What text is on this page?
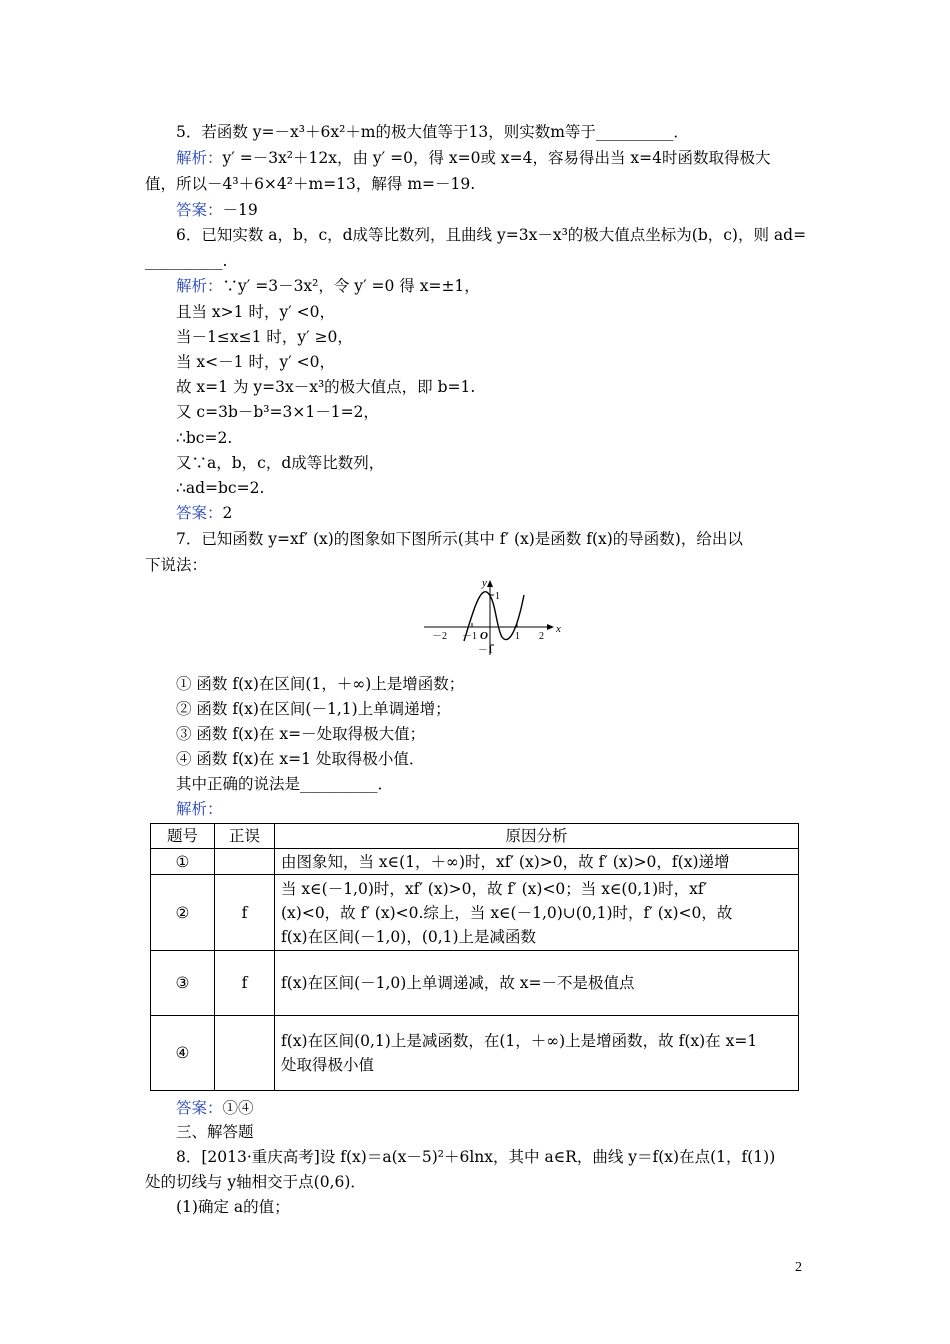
5．若函数 y=－x³＋6x²＋m的极大值等于13，则实数m等于__________．
解析：y′ =－3x²＋12x，由 y′ =0，得 x=0或 x=4，容易得出当 x=4时函数取得极大
值，所以－4³＋6×4²＋m=13，解得 m=－19.
答案：－19
6．已知实数 a，b，c，d成等比数列，且曲线 y=3x－x³的极大值点坐标为(b，c)，则 ad=
__________.
解析：∵y′ =3－3x²，令 y′ =0 得 x=±1，
且当 x>1 时，y′ <0，
当－1≤x≤1 时，y′ ≥0，
当 x<－1 时，y′ <0，
故 x=1 为 y=3x－x³的极大值点，即 b=1.
又 c=3b－b³=3×1－1=2，
∴bc=2.
又∵a，b，c，d成等比数列，
∴ad=bc=2.
答案：2
7．已知函数 y=xf′ (x)的图象如下图所示(其中 f′ (x)是函数 f(x)的导函数)，给出以
下说法：
① 函数 f(x)在区间(1，＋∞)上是增函数；
② 函数 f(x)在区间(－1,1)上单调递增；
③ 函数 f(x)在 x=－处取得极大值；
④ 函数 f(x)在 x=1 处取得极小值．
其中正确的说法是__________．
解析：
答案：①④
三、解答题
8．[2013·重庆高考]设 f(x)＝a(x－5)²＋6lnx，其中 a∈R，曲线 y＝f(x)在点(1，f(1))
处的切线与 y轴相交于点(0,6)．
(1)确定 a的值；
x
y
－2 －1 O	1 2
1
－1
题号	正误	原因分析
①		由图象知，当 x∈(1，＋∞)时，xf′ (x)>0，故 f′ (x)>0，f(x)递增
②	f	当 x∈(－1,0)时，xf′ (x)>0，故 f′ (x)<0；当 x∈(0,1)时，xf′
(x)<0，故 f′ (x)<0.综上，当 x∈(－1,0)∪(0,1)时，f′ (x)<0，故
f(x)在区间(－1,0)，(0,1)上是减函数
③	f	f(x)在区间(－1,0)上单调递减，故 x=－不是极值点
④		f(x)在区间(0,1)上是减函数，在(1，＋∞)上是增函数，故 f(x)在 x=1
处取得极小值
2
